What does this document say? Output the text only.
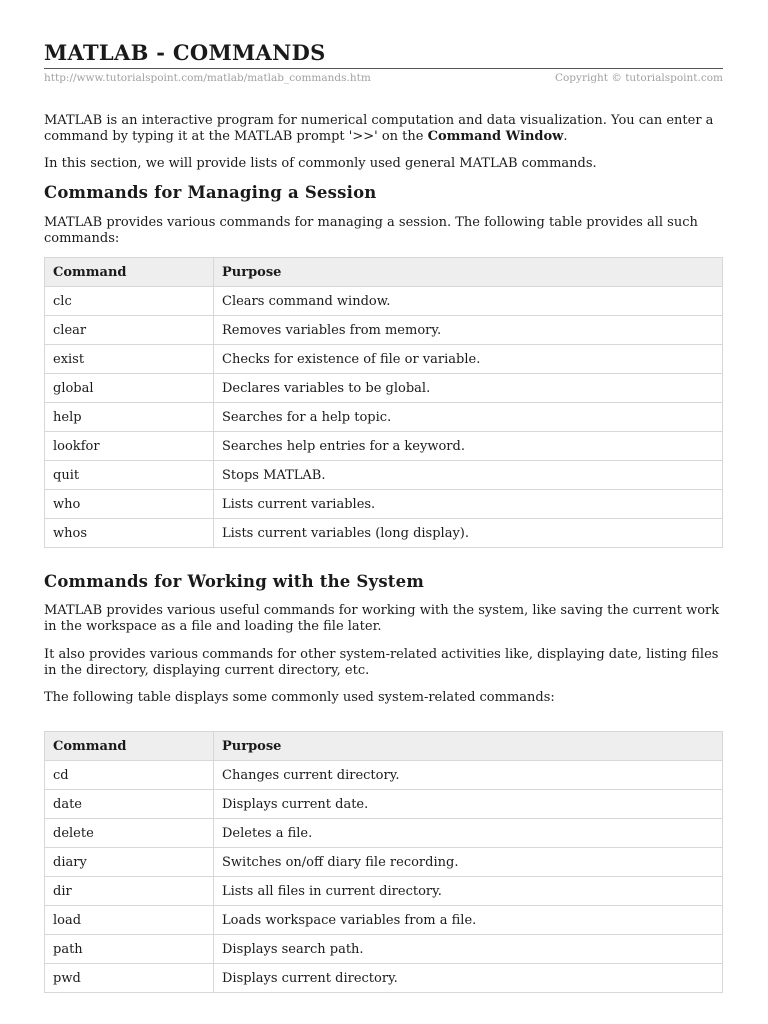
MATLAB - COMMANDS
http://www.tutorialspoint.com/matlab/matlab_commands.htm	Copyright © tutorialspoint.com

MATLAB is an interactive program for numerical computation and data visualization. You can enter a command by typing it at the MATLAB prompt '>>' on the Command Window.

In this section, we will provide lists of commonly used general MATLAB commands.

Commands for Managing a Session

MATLAB provides various commands for managing a session. The following table provides all such commands:

Command	Purpose
clc	Clears command window.
clear	Removes variables from memory.
exist	Checks for existence of file or variable.
global	Declares variables to be global.
help	Searches for a help topic.
lookfor	Searches help entries for a keyword.
quit	Stops MATLAB.
who	Lists current variables.
whos	Lists current variables (long display).
Commands for Working with the System

MATLAB provides various useful commands for working with the system, like saving the current work in the workspace as a file and loading the file later.

It also provides various commands for other system-related activities like, displaying date, listing files in the directory, displaying current directory, etc.

The following table displays some commonly used system-related commands:

Command	Purpose
cd	Changes current directory.
date	Displays current date.
delete	Deletes a file.
diary	Switches on/off diary file recording.
dir	Lists all files in current directory.
load	Loads workspace variables from a file.
path	Displays search path.
pwd	Displays current directory.
